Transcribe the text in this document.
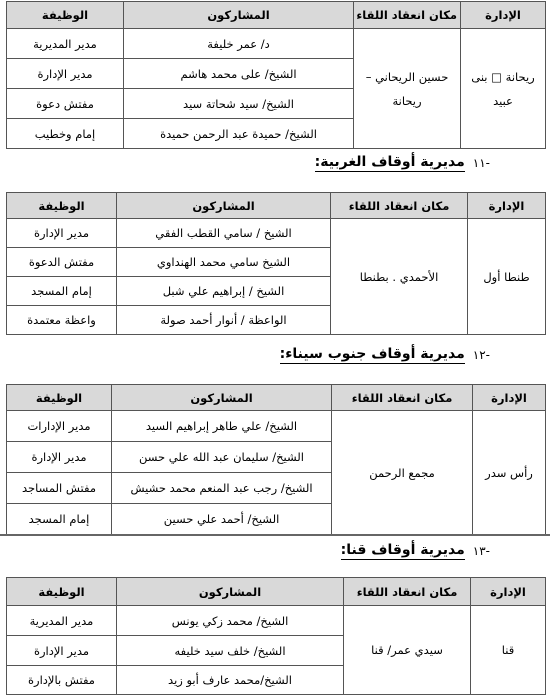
الإدارة	مكان انعقاد اللقاء	المشاركون	الوظيفة
ريحانة □ بنى عبيد	حسين الريحاني – ريحانة	د/ عمر خليفة	مدير المديرية
		الشيخ/ على محمد هاشم	مدير الإدارة
		الشيخ/ سيد شحاتة سيد	مفتش دعوة
		الشيخ/ حميدة عبد الرحمن حميدة	إمام وخطيب
-١١
مديرية أوقاف الغربية:
الإدارة	مكان انعقاد اللقاء	المشاركون	الوظيفة
طنطا أول	الأحمدي . بطنطا	الشيخ / سامي القطب الفقي	مدير الإدارة
		الشيخ سامي محمد الهنداوي	مفتش الدعوة
		الشيخ / إبراهيم علي شبل	إمام المسجد
		الواعظة / أنوار أحمد صولة	واعظة معتمدة
-١٢
مديرية أوقاف جنوب سيناء:
الإدارة	مكان انعقاد اللقاء	المشاركون	الوظيفة
رأس سدر	مجمع الرحمن	الشيخ/ علي طاهر إبراهيم السيد	مدير الإدارات
		الشيخ/ سليمان عبد الله علي حسن	مدير الإدارة
		الشيخ/ رجب عبد المنعم محمد حشيش	مفتش المساجد
		الشيخ/ أحمد علي حسين	إمام المسجد
-١٣
مديرية أوقاف قنا:
الإدارة	مكان انعقاد اللقاء	المشاركون	الوظيفة
قنا	سيدي عمر/ قنا	الشيخ/ محمد زكي يونس	مدير المديرية
		الشيخ/ خلف سيد خليفه	مدير الإدارة
		الشيخ/محمد عارف أبو زيد	مفتش بالإدارة
